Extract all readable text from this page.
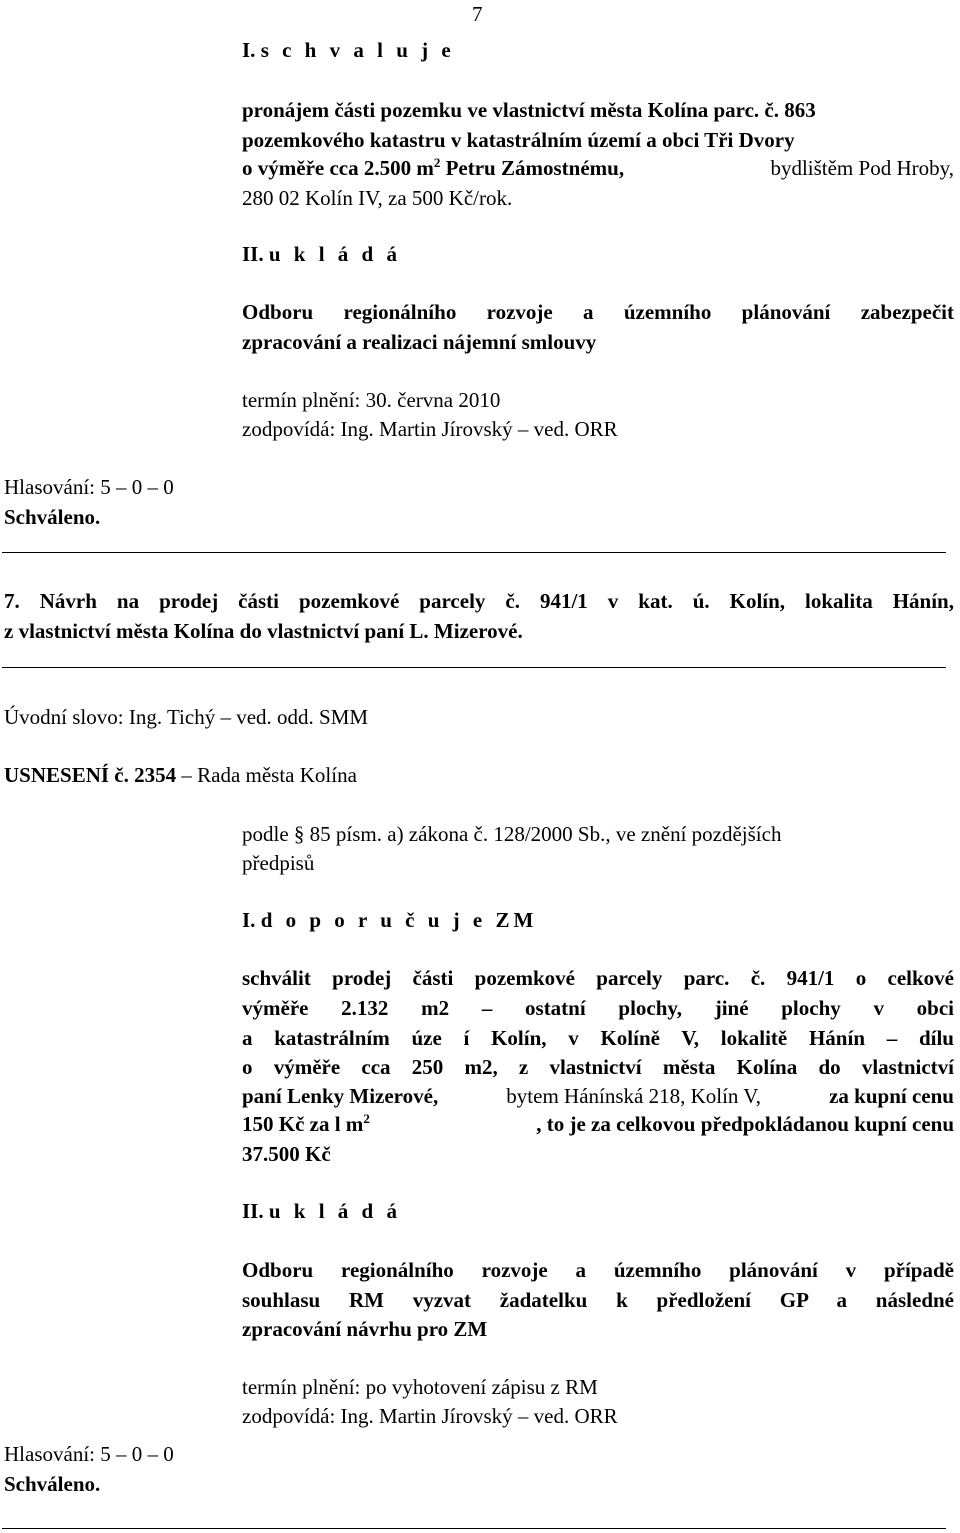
7
I. s c h v a l u j e
pronájem části pozemku ve vlastnictví města Kolína parc. č. 863
pozemkového katastru v katastrálním území a obci Tři Dvory
o výměře cca 2.500 $m^2$ Petru Zámostnému,	bydlištěm Pod Hroby,
280 02 Kolín IV, za 500 Kč/rok.
II. u k l á d á
Odboru regionálního rozvoje a územního plánování zabezpečit
zpracování a realizaci nájemní smlouvy
termín plnění: 30. června 2010
zodpovídá: Ing. Martin Jírovský – ved. ORR
Hlasování: 5 – 0 – 0
Schváleno.
7. Návrh na prodej části pozemkové parcely č. 941/1 v kat. ú. Kolín, lokalita Hánín,
z vlastnictví města Kolína do vlastnictví paní L. Mizerové.
Úvodní slovo: Ing. Tichý – ved. odd. SMM
USNESENÍ č. 2354 – Rada města Kolína
podle § 85 písm. a) zákona č. 128/2000 Sb., ve znění pozdějších
předpisů
I. d o p o r u č u j e ZM
schválit prodej části pozemkové parcely parc. č. 941/1 o celkové
výměře 2.132 m2 – ostatní plochy, jiné plochy v obci
a katastrálním úze í Kolín, v Kolíně V, lokalitě Hánín – dílu
o výměře cca 250 m2, z vlastnictví města Kolína do vlastnictví
paní Lenky Mizerové,	bytem Hánínská 218, Kolín V,	za kupní cenu
150 Kč za l $m^2$	, to je za celkovou předpokládanou kupní cenu
37.500 Kč
II. u k l á d á
Odboru regionálního rozvoje a územního plánování v případě
souhlasu RM vyzvat žadatelku k předložení GP a následné
zpracování návrhu pro ZM
termín plnění: po vyhotovení zápisu z RM
zodpovídá: Ing. Martin Jírovský – ved. ORR
Hlasování: 5 – 0 – 0
Schváleno.
